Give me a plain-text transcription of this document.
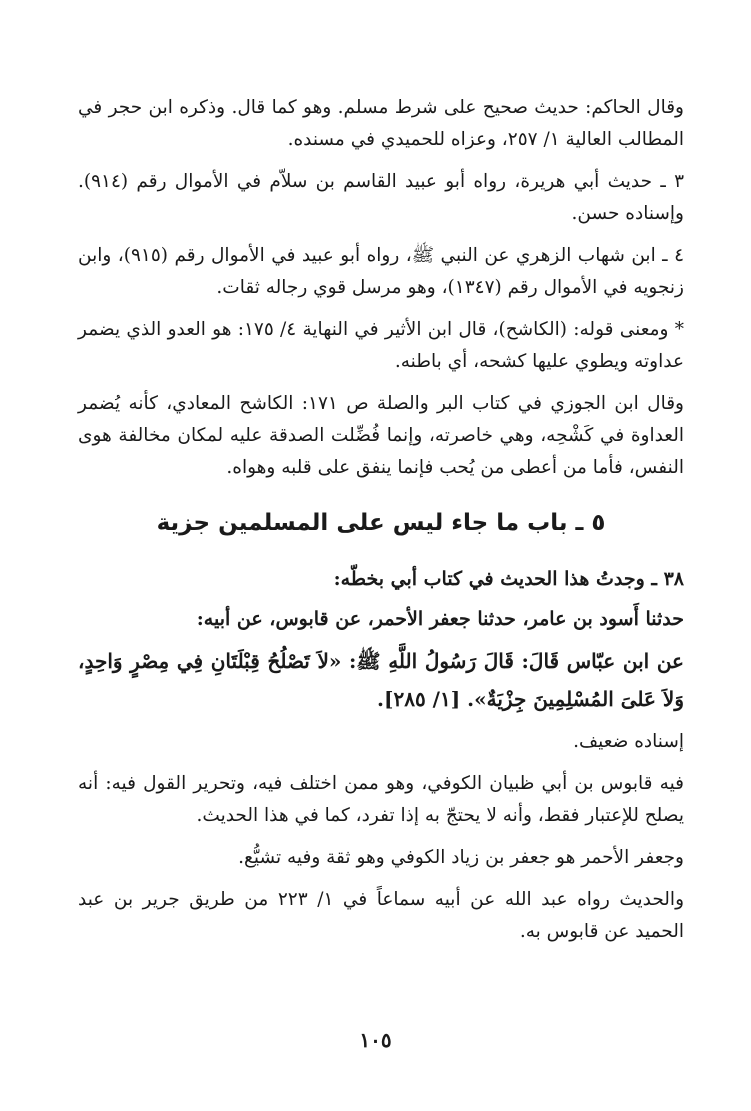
وقال الحاكم: حديث صحيح على شرط مسلم. وهو كما قال. وذكره ابن حجر في المطالب العالية ١/ ٢٥٧، وعزاه للحميدي في مسنده.

٣ ـ حديث أبي هريرة، رواه أبو عبيد القاسم بن سلاّم في الأموال رقم (٩١٤). وإسناده حسن.

٤ ـ ابن شهاب الزهري عن النبي ﷺ، رواه أبو عبيد في الأموال رقم (٩١٥)، وابن زنجويه في الأموال رقم (١٣٤٧)، وهو مرسل قوي رجاله ثقات.

* ومعنى قوله: (الكاشح)، قال ابن الأثير في النهاية ٤/ ١٧٥: هو العدو الذي يضمر عداوته ويطوي عليها كشحه، أي باطنه.

وقال ابن الجوزي في كتاب البر والصلة ص ١٧١: الكاشح المعادي، كأنه يُضمر العداوة في كَشْحِه، وهي خاصرته، وإنما فُضِّلت الصدقة عليه لمكان مخالفة هوى النفس، فأما من أعطى من يُحب فإنما ينفق على قلبه وهواه.

٥ ـ باب ما جاء ليس على المسلمين جزية

٣٨ ـ وجدتُ هذا الحديث في كتاب أبي بخطّه:

حدثنا أَسود بن عامر، حدثنا جعفر الأحمر، عن قابوس، عن أبيه:

عن ابن عبّاس قَالَ: قَالَ رَسُولُ اللَّهِ ﷺ: «لاَ تَصْلُحُ قِبْلَتَانِ فِي مِصْرٍ وَاحِدٍ، وَلاَ عَلىَ المُسْلِمِينَ جِزْيَةٌ». [١/ ٢٨٥].

إسناده ضعيف.

فيه قابوس بن أبي ظبيان الكوفي، وهو ممن اختلف فيه، وتحرير القول فيه: أنه يصلح للإعتبار فقط، وأنه لا يحتجّ به إذا تفرد، كما في هذا الحديث.

وجعفر الأحمر هو جعفر بن زياد الكوفي وهو ثقة وفيه تشيُّع.

والحديث رواه عبد الله عن أبيه سماعاً في ١/ ٢٢٣ من طريق جرير بن عبد الحميد عن قابوس به.

١٠٥
